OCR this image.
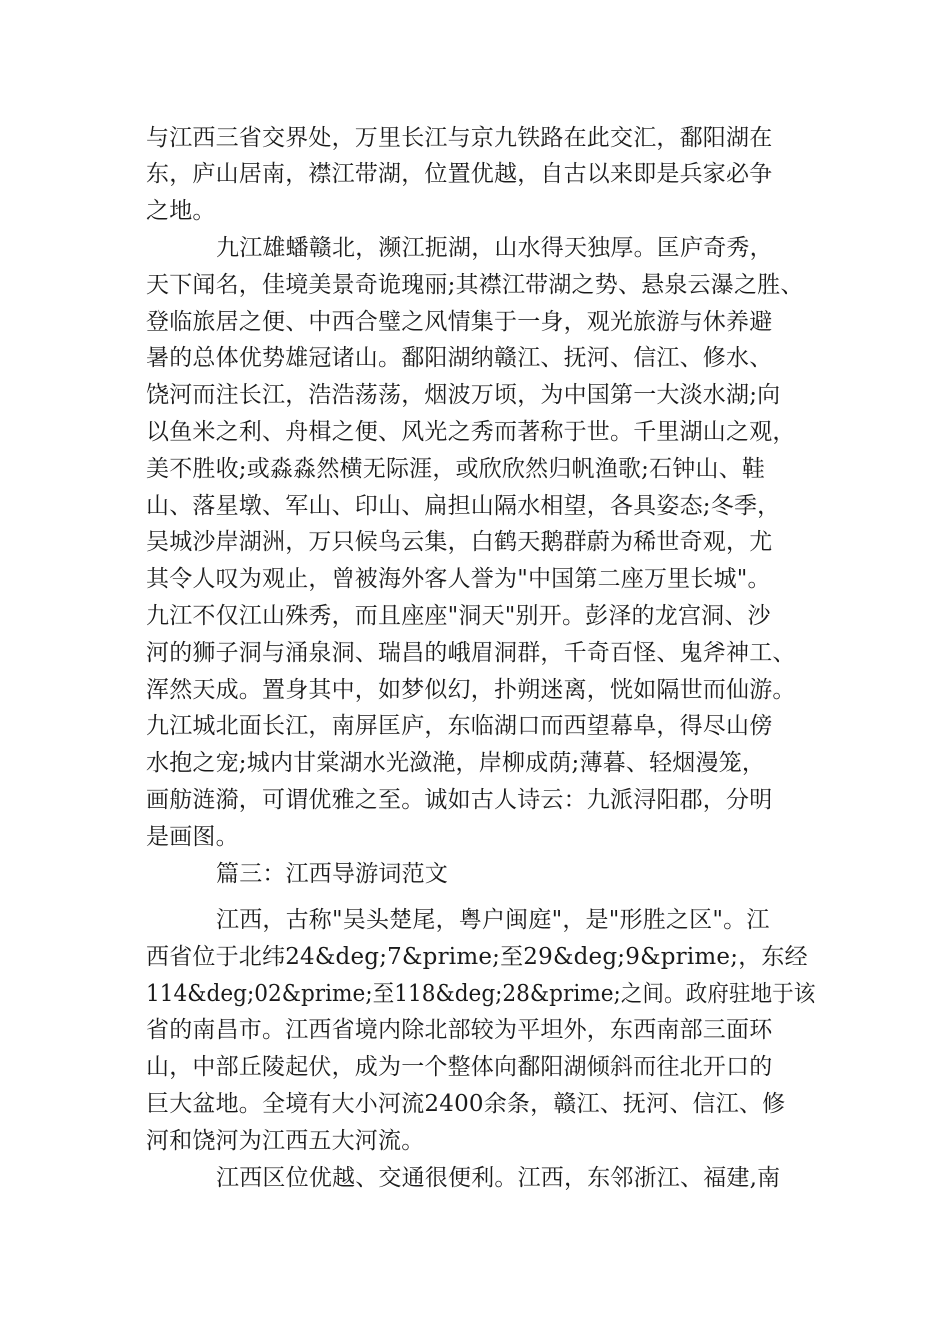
与江西三省交界处，万里长江与京九铁路在此交汇，鄱阳湖在

东，庐山居南，襟江带湖，位置优越，自古以来即是兵家必争

之地。

九江雄蟠赣北，濒江扼湖，山水得天独厚。匡庐奇秀，

天下闻名，佳境美景奇诡瑰丽;其襟江带湖之势、悬泉云瀑之胜、

登临旅居之便、中西合璧之风情集于一身，观光旅游与休养避

暑的总体优势雄冠诸山。鄱阳湖纳赣江、抚河、信江、修水、

饶河而注长江，浩浩荡荡，烟波万顷，为中国第一大淡水湖;向

以鱼米之利、舟楫之便、风光之秀而著称于世。千里湖山之观，

美不胜收;或淼淼然横无际涯，或欣欣然归帆渔歌;石钟山、鞋

山、落星墩、军山、印山、扁担山隔水相望，各具姿态;冬季，

吴城沙岸湖洲，万只候鸟云集，白鹤天鹅群蔚为稀世奇观，尤

其令人叹为观止，曾被海外客人誉为"中国第二座万里长城"。

九江不仅江山殊秀，而且座座"洞天"别开。彭泽的龙宫洞、沙

河的狮子洞与涌泉洞、瑞昌的峨眉洞群，千奇百怪、鬼斧神工、

浑然天成。置身其中，如梦似幻，扑朔迷离，恍如隔世而仙游。

九江城北面长江，南屏匡庐，东临湖口而西望幕阜，得尽山傍

水抱之宠;城内甘棠湖水光潋滟，岸柳成荫;薄暮、轻烟漫笼，

画舫涟漪，可谓优雅之至。诚如古人诗云：九派浔阳郡，分明

是画图。

篇三：江西导游词范文

江西，古称"吴头楚尾，粤户闽庭"，是"形胜之区"。江

西省位于北纬24&deg;7&prime;至29&deg;9&prime;，东经

114&deg;02&prime;至118&deg;28&prime;之间。政府驻地于该

省的南昌市。江西省境内除北部较为平坦外，东西南部三面环

山，中部丘陵起伏，成为一个整体向鄱阳湖倾斜而往北开口的

巨大盆地。全境有大小河流2400余条，赣江、抚河、信江、修

河和饶河为江西五大河流。

江西区位优越、交通很便利。江西，东邻浙江、福建,南
